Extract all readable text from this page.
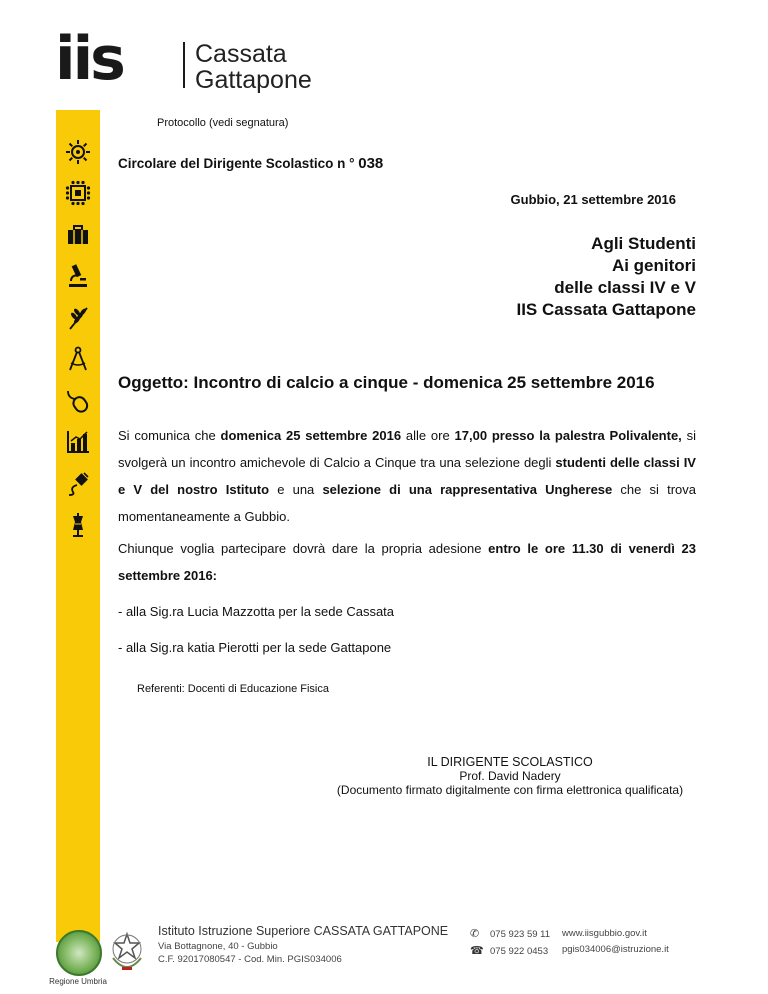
iis	Cassata
Gattapone
Protocollo (vedi segnatura)
Circolare del Dirigente Scolastico n ° 038
Gubbio, 21 settembre 2016
Agli Studenti
Ai genitori
delle classi IV e V
IIS Cassata Gattapone
Oggetto: Incontro di calcio a cinque - domenica 25 settembre 2016
Si comunica che domenica 25 settembre 2016 alle ore 17,00 presso la palestra Polivalente, si svolgerà un incontro amichevole di Calcio a Cinque tra una selezione degli studenti delle classi IV e V del nostro Istituto e una selezione di una rappresentativa Ungherese che si trova momentaneamente a Gubbio.
Chiunque voglia partecipare dovrà dare la propria adesione entro le ore 11.30 di venerdì 23 settembre 2016:
- alla Sig.ra Lucia Mazzotta per la sede Cassata
- alla Sig.ra katia Pierotti per la sede Gattapone
Referenti: Docenti di Educazione Fisica
IL DIRIGENTE SCOLASTICO
Prof. David Nadery
(Documento firmato digitalmente con firma elettronica qualificata)
Regione Umbria
Istituto Istruzione Superiore CASSATA GATTAPONE
Via Bottagnone, 40 - Gubbio
C.F. 92017080547 - Cod. Min. PGIS034006
✆ 075 923 59 11
☎ 075 922 0453
www.iisgubbio.gov.it
pgis034006@istruzione.it
